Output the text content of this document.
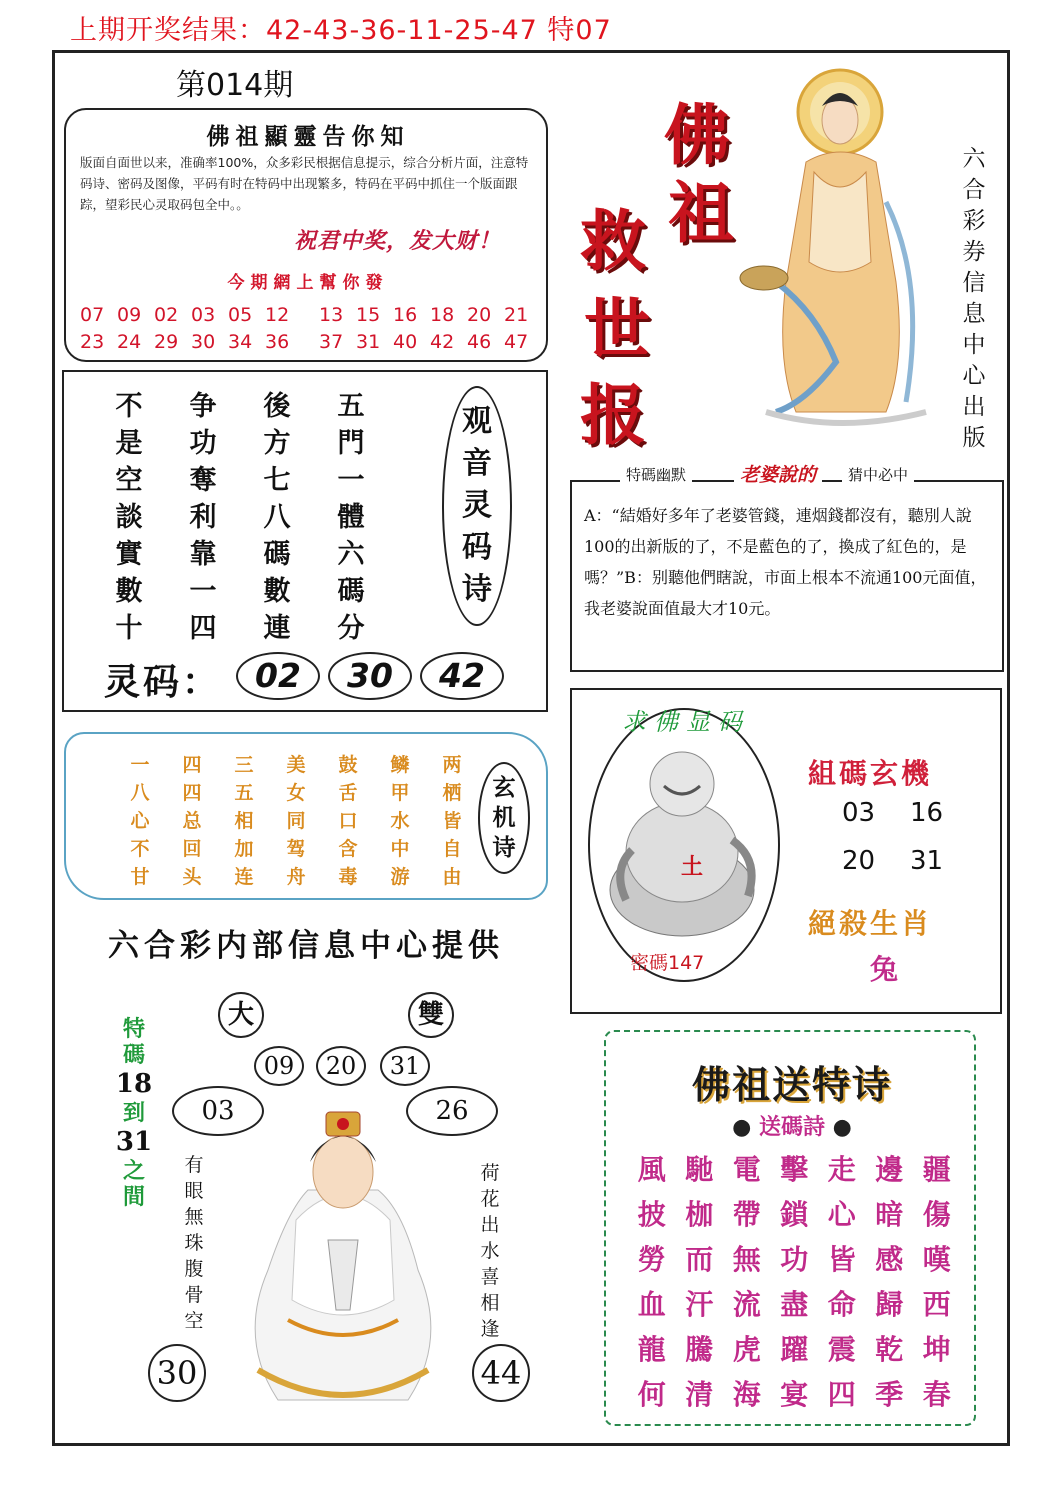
上期开奖结果：42-43-36-11-25-47 特07
第014期
佛祖顯靈告你知
版面自面世以来，准确率100%，众多彩民根据信息提示，综合分析片面，注意特码诗、密码及图像，平码有时在特码中出现繁多，特码在平码中抓住一个版面跟踪，望彩民心灵取码包全中。。
祝君中奖，发大财！
今期網上幫你發
07 09 02 03 05 12 13 15 16 18 20 21
23 24 29 30 34 36 37 31 40 42 46 47
不	争	後	五
是	功	方	門
空	奪	七	一
談	利	八	體
實	靠	碼	六
數	一	數	碼
十	四	連	分
观
音
灵
码
诗
灵码：	02	30	42
一	四	三	美	鼓	鳞	两
八	四	五	女	舌	甲	栖
心	总	相	同	口	水	皆
不	回	加	驾	含	中	自
甘	头	连	舟	毒	游	由
玄
机
诗
六合彩内部信息中心提供
特
碼
18
到
31
之
間
大	雙
09	20	31
03	26
有
眼
無
珠
腹
骨
空
荷
花
出
水
喜
相
逢
30	44
佛
祖
救
世
报
六
合
彩
券
信
息
中
心
出
版
A：“結婚好多年了老婆管錢，連烟錢都沒有，聽別人說100的出新版的了，不是藍色的了，換成了紅色的，是嗎？”B：别聽他們瞎說，市面上根本不流通100元面值，我老婆說面值最大才10元。
特碼幽默	老婆說的	猜中必中
求佛显码
土
密碼147
組碼玄機
03 16
20 31
絕殺生肖
兔
佛祖送特诗
● 送碼詩 ●
風 馳 電 擊 走 邊 疆
披 枷 帶 鎖 心 暗 傷
勞 而 無 功 皆 感 嘆
血 汗 流 盡 命 歸 西
龍 騰 虎 躍 震 乾 坤
何 清 海 宴 四 季 春
